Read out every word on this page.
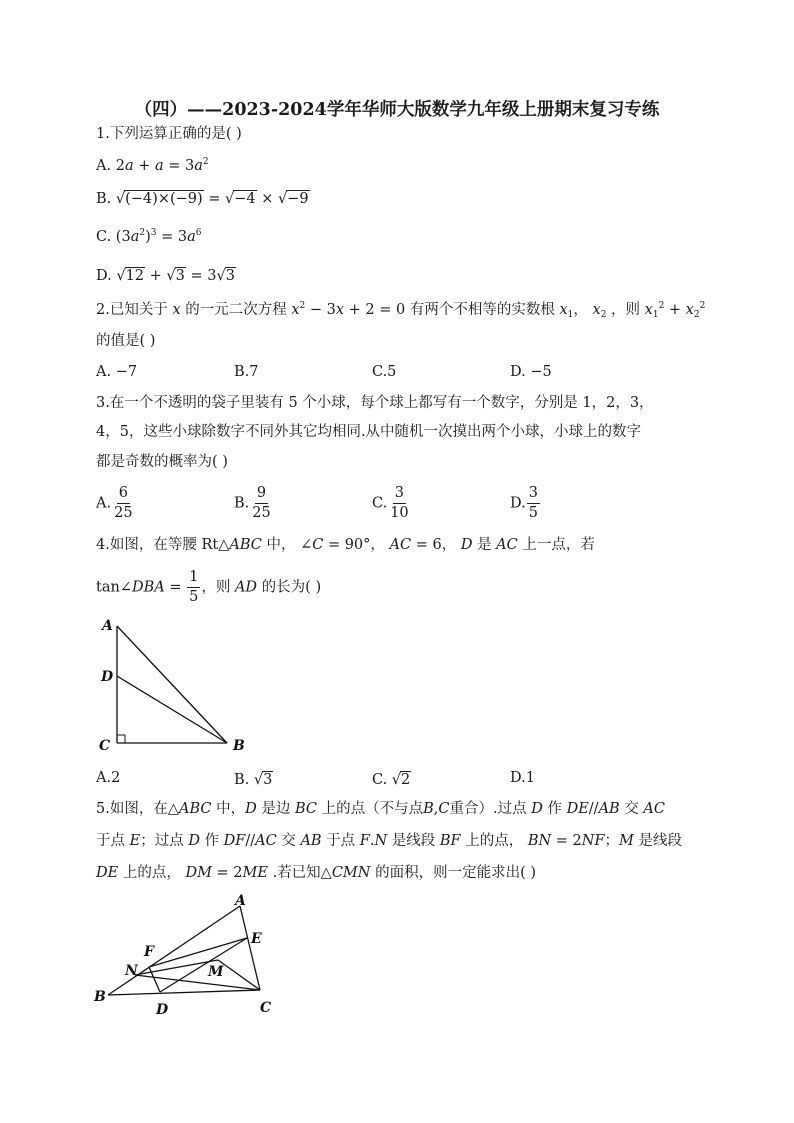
（四）——2023-2024学年华师大版数学九年级上册期末复习专练
1.下列运算正确的是( )
A. $2a + a = 3a^2$
B. √(−4)×(−9) = √−4 × √−9
C. $(3a^2)^3 = 3a^6$
D. √12 + √3 = 3√3
2.已知关于 x 的一元二次方程 $x^2 - 3x + 2 = 0$ 有两个不相等的实数根 $x_1$， $x_2$ ，则 $x_1^2 + x_2^2$
的值是( )
A. −7	B.7	C.5	D. −5
3.在一个不透明的袋子里装有 5 个小球，每个球上都写有一个数字，分别是 1，2，3，
4，5，这些小球除数字不同外其它均相同.从中随机一次摸出两个小球，小球上的数字
都是奇数的概率为( )
A. $\frac{6}{25}$	B. $\frac{9}{25}$	C. $\frac{3}{10}$	D. $\frac{3}{5}$
4.如图，在等腰 Rt△ABC 中， ∠C = 90°， AC = 6， D 是 AC 上一点，若
tan∠DBA = $\frac{1}{5}$ ，则 AD 的长为( )
A
D
C	B
A.2	B. √3	C. √2	D.1
5.如图，在△ABC 中，D 是边 BC 上的点（不与点B,C重合）.过点 D 作 DE//AB 交 AC
于点 E；过点 D 作 DF//AC 交 AB 于点 F.N 是线段 BF 上的点， BN = 2NF；M 是线段
DE 上的点， DM = 2ME .若已知△CMN 的面积，则一定能求出( )
A
E
F
N	M
B
D	C
